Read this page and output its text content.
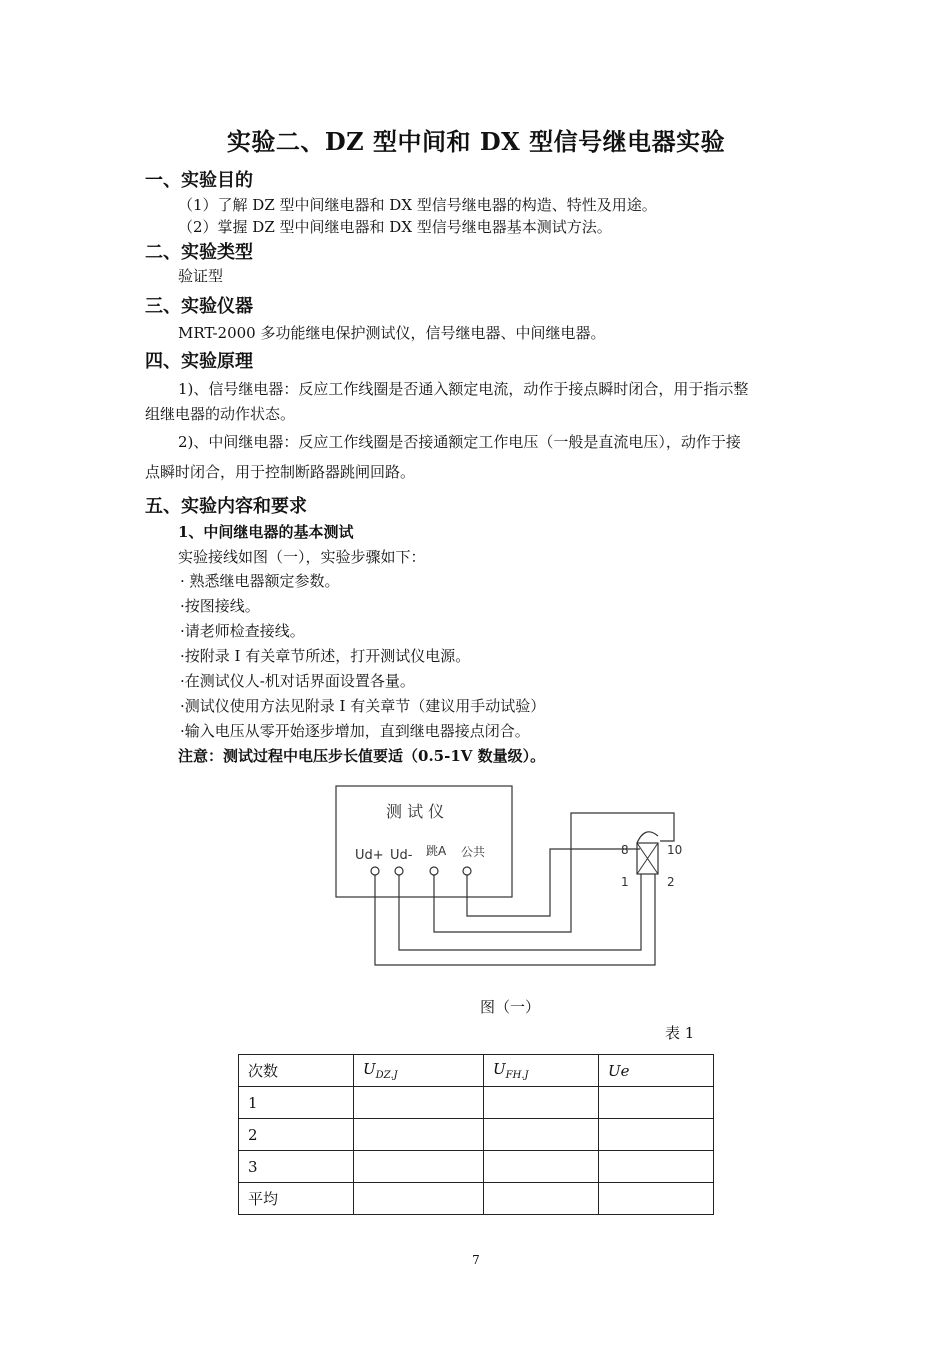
实验二、DZ 型中间和 DX 型信号继电器实验
一、实验目的
（1）了解 DZ 型中间继电器和 DX 型信号继电器的构造、特性及用途。
（2）掌握 DZ 型中间继电器和 DX 型信号继电器基本测试方法。
二、实验类型
验证型
三、实验仪器
MRT-2000 多功能继电保护测试仪，信号继电器、中间继电器。
四、实验原理
1)、信号继电器：反应工作线圈是否通入额定电流，动作于接点瞬时闭合，用于指示整
组继电器的动作状态。
2)、中间继电器：反应工作线圈是否接通额定工作电压（一般是直流电压），动作于接
点瞬时闭合，用于控制断路器跳闸回路。
五、实验内容和要求
1、中间继电器的基本测试
实验接线如图（一），实验步骤如下：
· 熟悉继电器额定参数。
·按图接线。
·请老师检查接线。
·按附录 I 有关章节所述，打开测试仪电源。
·在测试仪人-机对话界面设置各量。
·测试仪使用方法见附录 I 有关章节（建议用手动试验）
·输入电压从零开始逐步增加，直到继电器接点闭合。
注意：测试过程中电压步长值要适（0.5-1V 数量级）。
测 试 仪
Ud+ Ud- 跳A 公共	8	10
1	2
图（一）
表 1
次数	$U_{DZ.J}$	$U_{FH.J}$	Ue
1			
2			
3			
平均			
7
